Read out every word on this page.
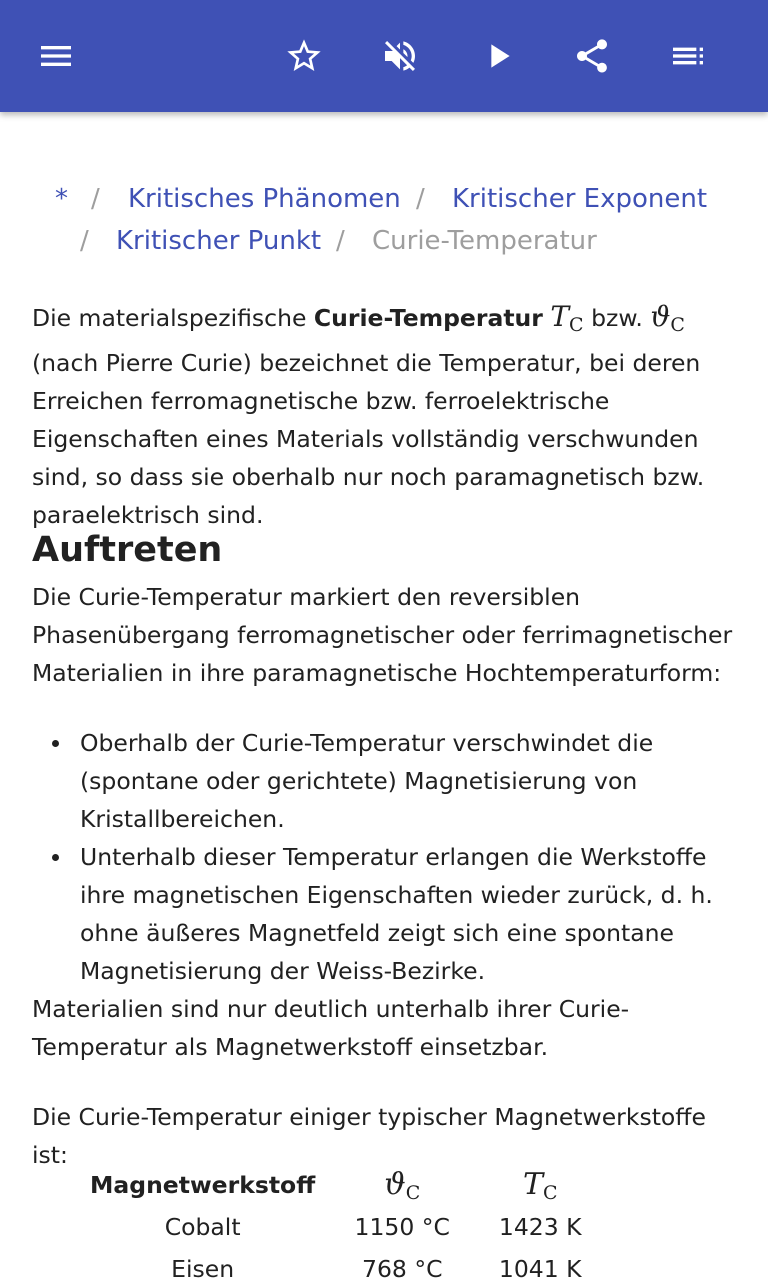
* / Kritisches Phänomen / Kritischer Exponent
/ Kritischer Punkt / Curie-Temperatur

Die materialspezifische Curie-Temperatur $T_C$ bzw. $ϑ_C$ (nach Pierre Curie) bezeichnet die Temperatur, bei deren Erreichen ferromagnetische bzw. ferroelektrische Eigenschaften eines Materials vollständig verschwunden sind, so dass sie oberhalb nur noch paramagnetisch bzw. paraelektrisch sind.

Auftreten

Die Curie-Temperatur markiert den reversiblen Phasenübergang ferromagnetischer oder ferrimagnetischer Materialien in ihre paramagnetische Hochtemperaturform:

Oberhalb der Curie-Temperatur verschwindet die (spontane oder gerichtete) Magnetisierung von Kristallbereichen.
Unterhalb dieser Temperatur erlangen die Werkstoffe ihre magnetischen Eigenschaften wieder zurück, d. h. ohne äußeres Magnetfeld zeigt sich eine spontane Magnetisierung der Weiss-Bezirke.

Materialien sind nur deutlich unterhalb ihrer Curie-Temperatur als Magnetwerkstoff einsetzbar.

Die Curie-Temperatur einiger typischer Magnetwerkstoffe ist:

Magnetwerkstoff	$ϑ_C$	$T_C$
Cobalt	1150 °C	1423 K
Eisen	768 °C	1041 K
